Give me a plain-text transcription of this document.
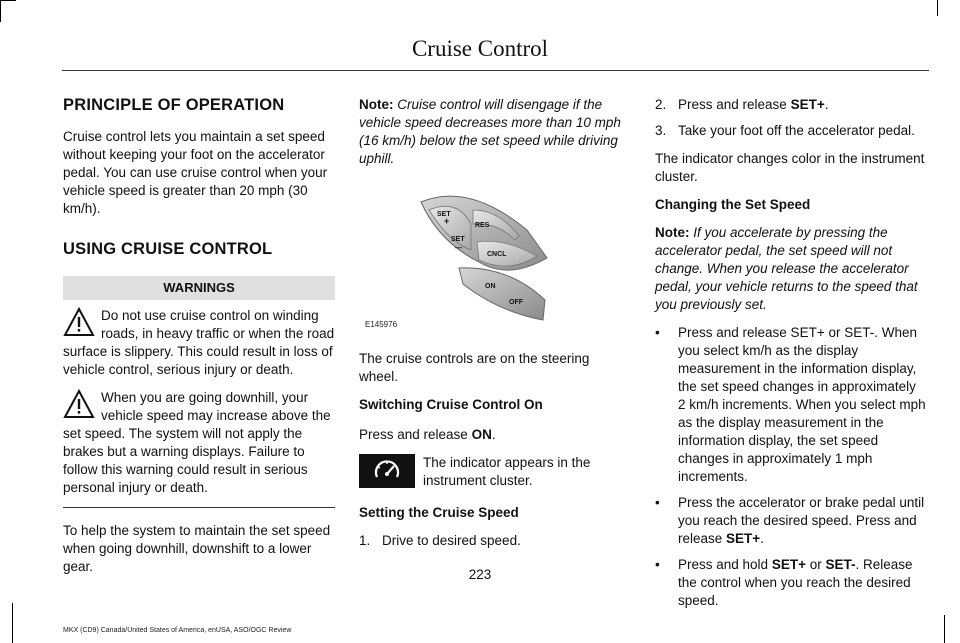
Cruise Control
PRINCIPLE OF OPERATION

Cruise control lets you maintain a set speed without keeping your foot on the accelerator pedal. You can use cruise control when your vehicle speed is greater than 20 mph (30 km/h).

USING CRUISE CONTROL
WARNINGS
Do not use cruise control on winding roads, in heavy traffic or when the road surface is slippery. This could result in loss of vehicle control, serious injury or death.
When you are going downhill, your vehicle speed may increase above the set speed. The system will not apply the brakes but a warning displays. Failure to follow this warning could result in serious personal injury or death.

To help the system to maintain the set speed when going downhill, downshift to a lower gear.

Note: Cruise control will disengage if the vehicle speed decreases more than 10 mph (16 km/h) below the set speed while driving uphill.

SET
+
SET
—
RES
CNCL
ON
OFF
E145976

The cruise controls are on the steering wheel.

Switching Cruise Control On

Press and release ON.

The indicator appears in the instrument cluster.
Setting the Cruise Speed
1. Drive to desired speed.
2. Press and release SET+.
3. Take your foot off the accelerator pedal.

The indicator changes color in the instrument cluster.

Changing the Set Speed

Note: If you accelerate by pressing the accelerator pedal, the set speed will not change. When you release the accelerator pedal, your vehicle returns to the speed that you previously set.

• Press and release SET+ or SET-. When you select km/h as the display measurement in the information display, the set speed changes in approximately 2 km/h increments. When you select mph as the display measurement in the information display, the set speed changes in approximately 1 mph increments.
• Press the accelerator or brake pedal until you reach the desired speed. Press and release SET+.
• Press and hold SET+ or SET-. Release the control when you reach the desired speed.
223
MKX (CD9) Canada/United States of America, enUSA, ASO/OGC Review
